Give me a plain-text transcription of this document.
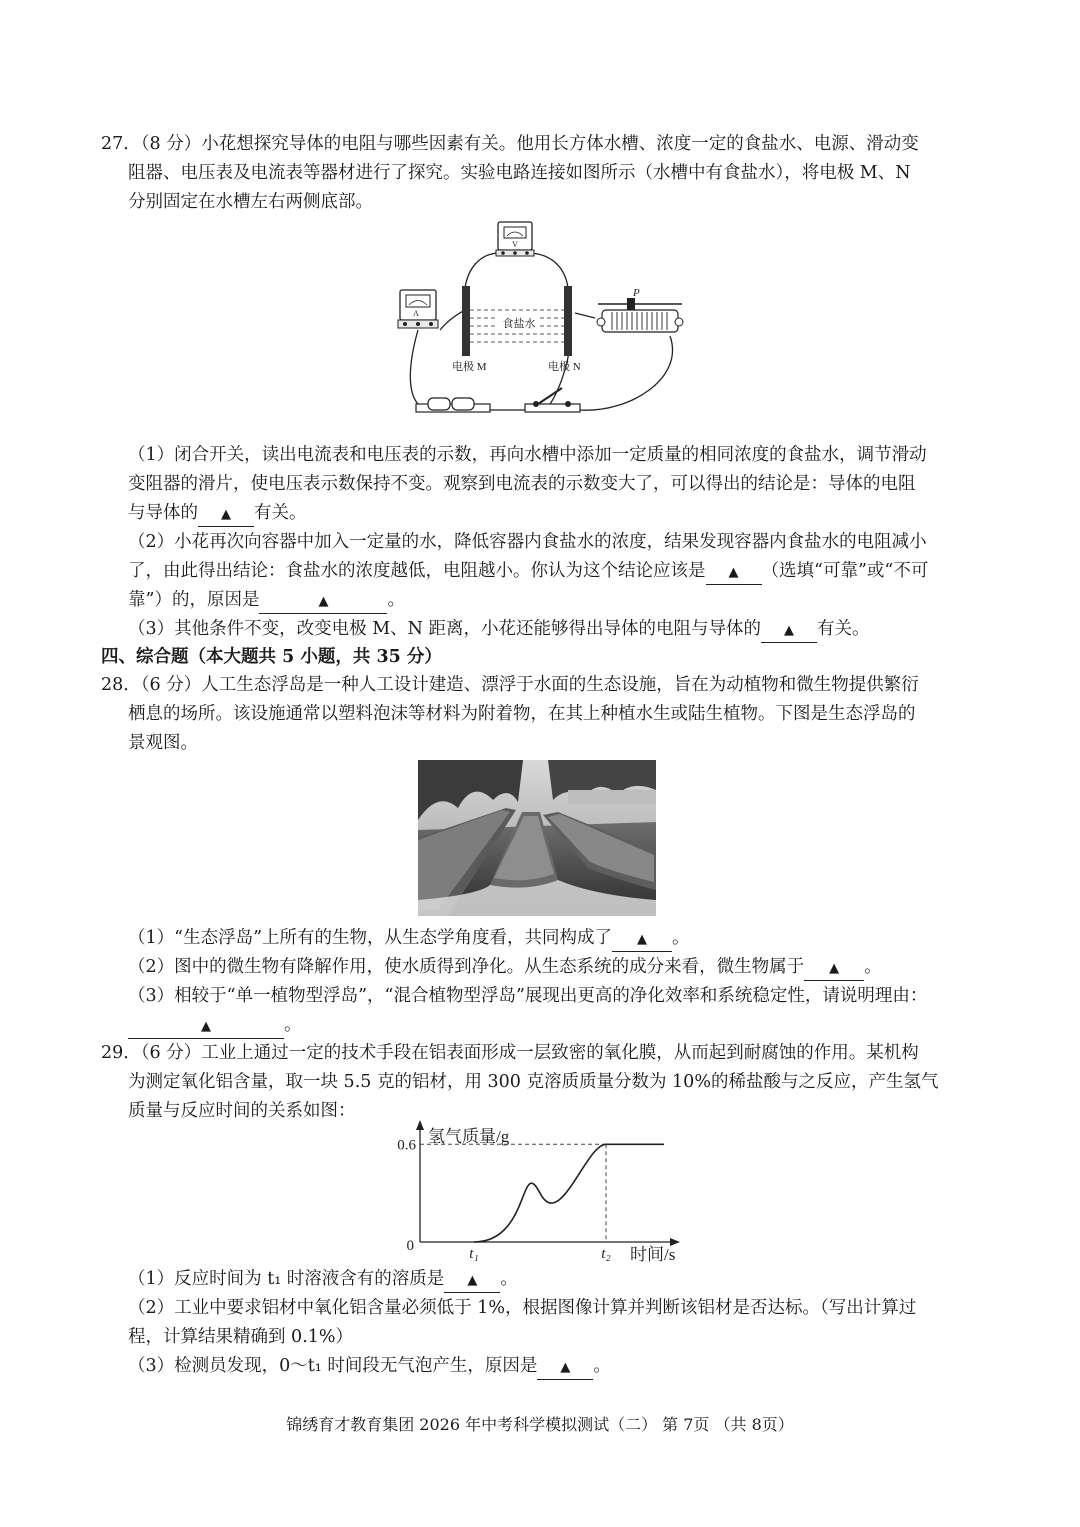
27．（8 分）小花想探究导体的电阻与哪些因素有关。他用长方体水槽、浓度一定的食盐水、电源、滑动变
阻器、电压表及电流表等器材进行了探究。实验电路连接如图所示（水槽中有食盐水），将电极 M、N
分别固定在水槽左右两侧底部。
V
A
食盐水
电极 M	电极 N
P
（1）闭合开关，读出电流表和电压表的示数，再向水槽中添加一定质量的相同浓度的食盐水，调节滑动
变阻器的滑片，使电压表示数保持不变。观察到电流表的示数变大了，可以得出的结论是：导体的电阻
与导体的 ▲ 有关。
（2）小花再次向容器中加入一定量的水，降低容器内食盐水的浓度，结果发现容器内食盐水的电阻减小
了，由此得出结论：食盐水的浓度越低，电阻越小。你认为这个结论应该是 ▲ （选填“可靠”或“不可
靠”）的，原因是	▲	。
（3）其他条件不变，改变电极 M、N 距离，小花还能够得出导体的电阻与导体的 ▲ 有关。
四、综合题（本大题共 5 小题，共 35 分）
28．（6 分）人工生态浮岛是一种人工设计建造、漂浮于水面的生态设施，旨在为动植物和微生物提供繁衍
栖息的场所。该设施通常以塑料泡沫等材料为附着物，在其上种植水生或陆生植物。下图是生态浮岛的
景观图。
（1）“生态浮岛”上所有的生物，从生态学角度看，共同构成了 ▲ 。
（2）图中的微生物有降解作用，使水质得到净化。从生态系统的成分来看，微生物属于 ▲ 。
（3）相较于“单一植物型浮岛”，“混合植物型浮岛”展现出更高的净化效率和系统稳定性，请说明理由：
▲	。
29．（6 分）工业上通过一定的技术手段在铝表面形成一层致密的氧化膜，从而起到耐腐蚀的作用。某机构
为测定氧化铝含量，取一块 5.5 克的铝材，用 300 克溶质质量分数为 10%的稀盐酸与之反应，产生氢气
质量与反应时间的关系如图：
氢气质量/g
时间/s
0
0.6
t₁	t₂
（1）反应时间为 t₁ 时溶液含有的溶质是 ▲ 。
（2）工业中要求铝材中氧化铝含量必须低于 1%，根据图像计算并判断该铝材是否达标。（写出计算过
程，计算结果精确到 0.1%）
（3）检测员发现，0～t₁ 时间段无气泡产生，原因是 ▲ 。
锦绣育才教育集团 2026 年中考科学模拟测试（二） 第 7页 （共 8页）
